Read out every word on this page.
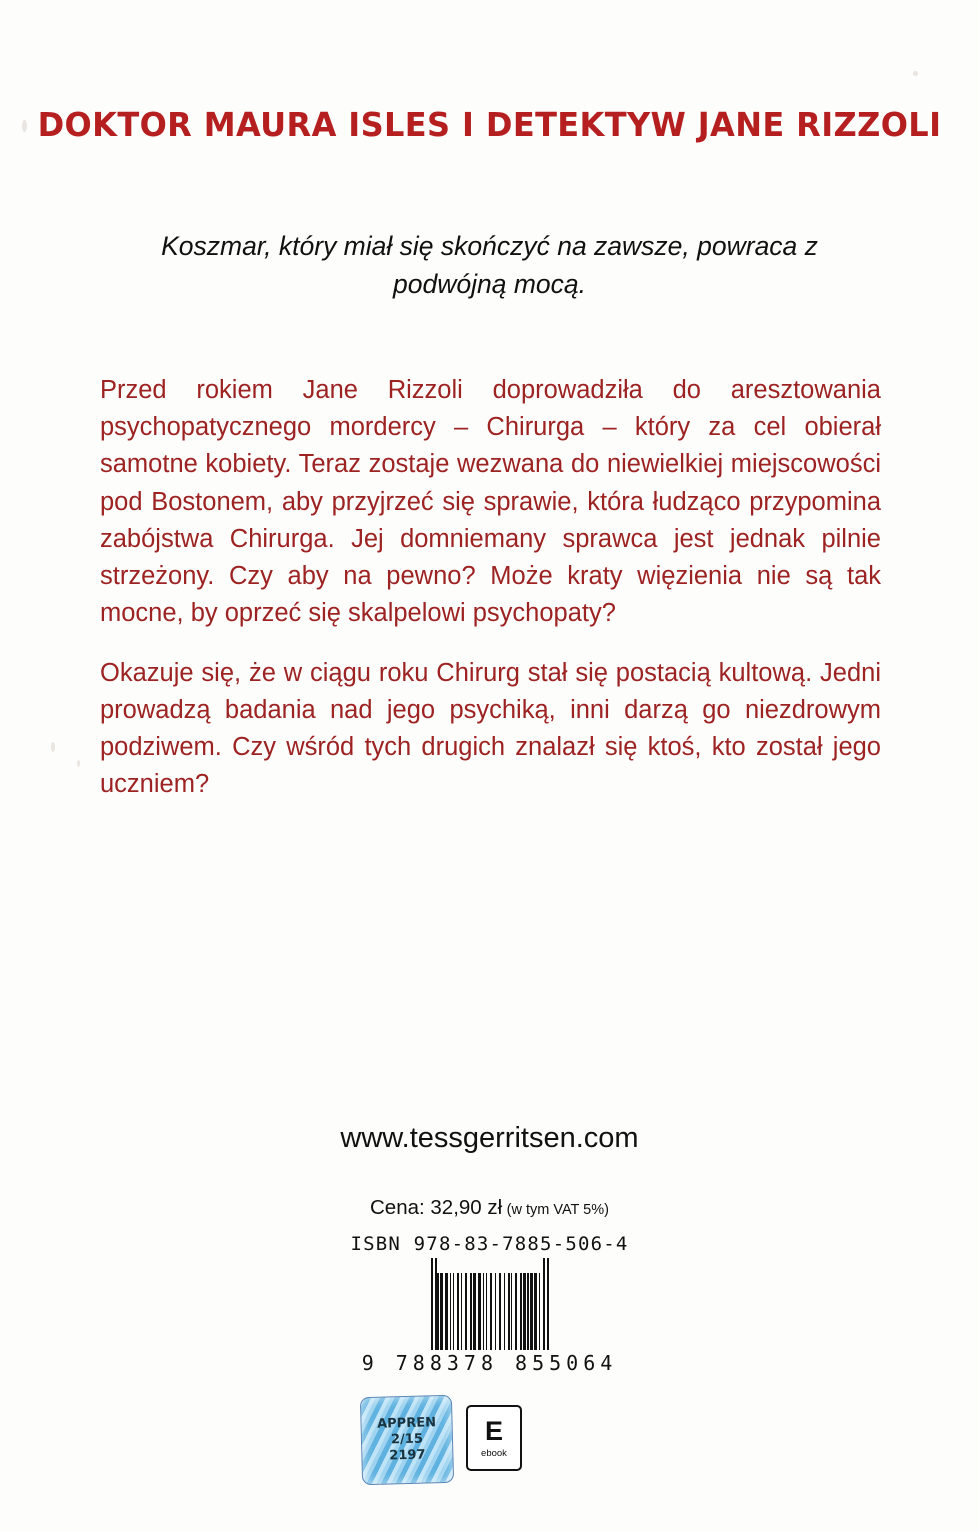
DOKTOR MAURA ISLES I DETEKTYW JANE RIZZOLI
Koszmar, który miał się skończyć na zawsze, powraca z podwójną mocą.

Przed rokiem Jane Rizzoli doprowadziła do aresztowania psychopatycznego mordercy – Chirurga – który za cel obierał samotne kobiety. Teraz zostaje wezwana do niewielkiej miejscowości pod Bostonem, aby przyjrzeć się sprawie, która łudząco przypomina zabójstwa Chirurga. Jej domniemany sprawca jest jednak pilnie strzeżony. Czy aby na pewno? Może kraty więzienia nie są tak mocne, by oprzeć się skalpelowi psychopaty?

Okazuje się, że w ciągu roku Chirurg stał się postacią kultową. Jedni prowadzą badania nad jego psychiką, inni darzą go niezdrowym podziwem. Czy wśród tych drugich znalazł się ktoś, kto został jego uczniem?

www.tessgerritsen.com
Cena: 32,90 zł (w tym VAT 5%)
ISBN 978-83-7885-506-4
9 788378 855064
APPREN
2/15
2197
E
ebook
